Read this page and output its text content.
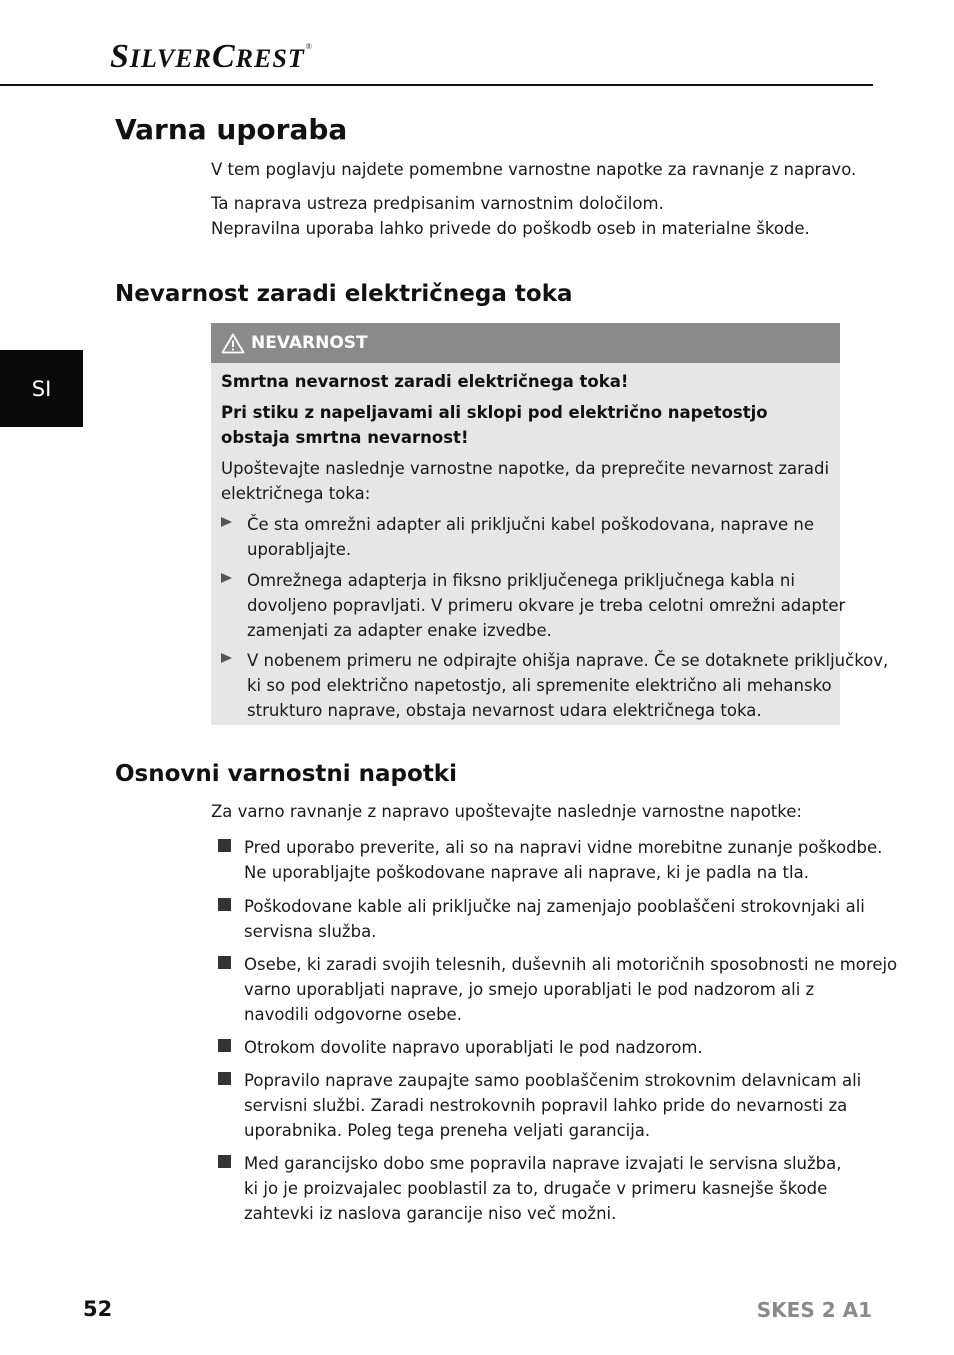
SILVERCREST®
SI
Varna uporaba

V tem poglavju najdete pomembne varnostne napotke za ravnanje z napravo.

Ta naprava ustreza predpisanim varnostnim določilom.

Nepravilna uporaba lahko privede do poškodb oseb in materialne škode.

Nevarnost zaradi električnega toka
NEVARNOST

Smrtna nevarnost zaradi električnega toka!

Pri stiku z napeljavami ali sklopi pod električno napetostjo

obstaja smrtna nevarnost!

Upoštevajte naslednje varnostne napotke, da preprečite nevarnost zaradi

električnega toka:

Če sta omrežni adapter ali priključni kabel poškodovana, naprave ne

uporabljajte.

Omrežnega adapterja in fiksno priključenega priključnega kabla ni

dovoljeno popravljati. V primeru okvare je treba celotni omrežni adapter

zamenjati za adapter enake izvedbe.

V nobenem primeru ne odpirajte ohišja naprave. Če se dotaknete priključkov,

ki so pod električno napetostjo, ali spremenite električno ali mehansko

strukturo naprave, obstaja nevarnost udara električnega toka.

Osnovni varnostni napotki

Za varno ravnanje z napravo upoštevajte naslednje varnostne napotke:

Pred uporabo preverite, ali so na napravi vidne morebitne zunanje poškodbe.

Ne uporabljajte poškodovane naprave ali naprave, ki je padla na tla.

Poškodovane kable ali priključke naj zamenjajo pooblaščeni strokovnjaki ali

servisna služba.

Osebe, ki zaradi svojih telesnih, duševnih ali motoričnih sposobnosti ne morejo

varno uporabljati naprave, jo smejo uporabljati le pod nadzorom ali z

navodili odgovorne osebe.

Otrokom dovolite napravo uporabljati le pod nadzorom.

Popravilo naprave zaupajte samo pooblaščenim strokovnim delavnicam ali

servisni službi. Zaradi nestrokovnih popravil lahko pride do nevarnosti za

uporabnika. Poleg tega preneha veljati garancija.

Med garancijsko dobo sme popravila naprave izvajati le servisna služba,

ki jo je proizvajalec pooblastil za to, drugače v primeru kasnejše škode

zahtevki iz naslova garancije niso več možni.

52	SKES 2 A1
